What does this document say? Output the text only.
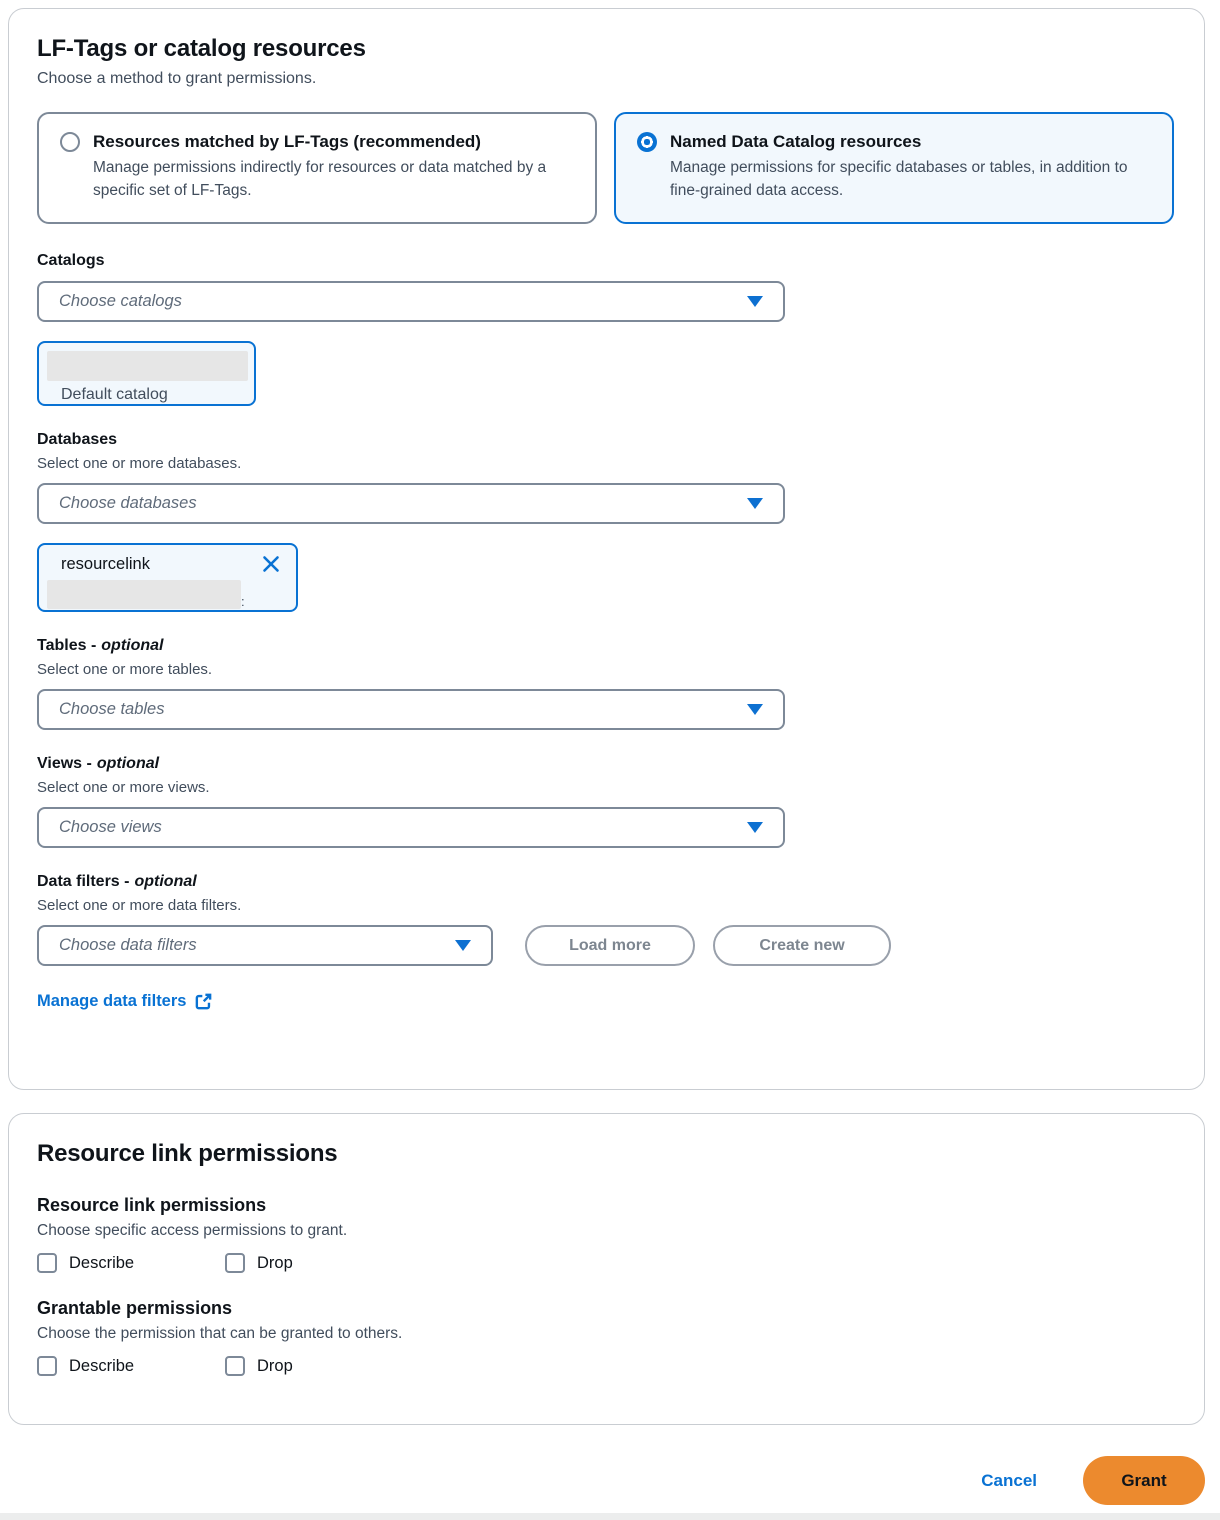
LF-Tags or catalog resources

Choose a method to grant permissions.

Resources matched by LF-Tags (recommended)
Manage permissions indirectly for resources or data matched by a specific set of LF-Tags.
Named Data Catalog resources
Manage permissions for specific databases or tables, in addition to fine-grained data access.
Catalogs
Choose catalogs
Default catalog
Databases
Select one or more databases.
Choose databases
resourcelink
:
Tables - optional
Select one or more tables.
Choose tables
Views - optional
Select one or more views.
Choose views
Data filters - optional
Select one or more data filters.
Choose data filters	Load more	Create new
Manage data filters
Resource link permissions
Resource link permissions
Choose specific access permissions to grant.
Describe	Drop
Grantable permissions
Choose the permission that can be granted to others.
Describe	Drop
Cancel	Grant
